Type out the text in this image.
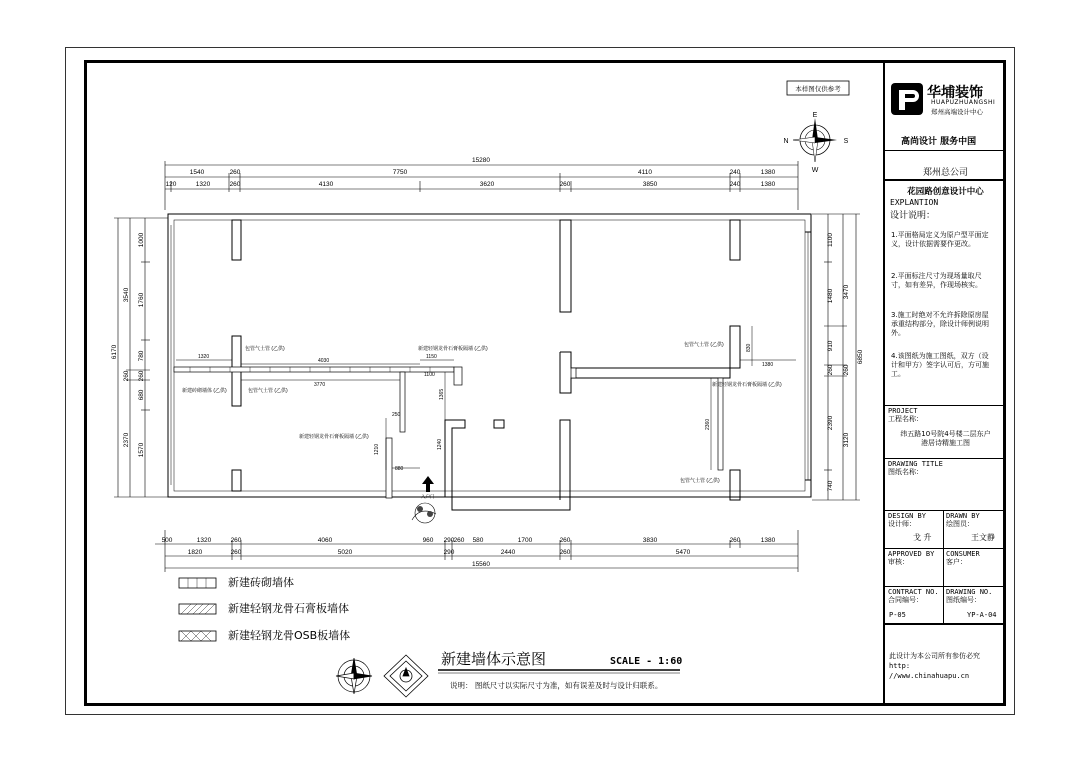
本样图仅供参考
N
E
S
W
15280
1540	260	7750	4110	240	1380
120	1320	260	4130	3620	260	3850	240	1380
6170
3540
260
2370
1000
1760
780
260
680
1570
6850
3470
260
3120
1100
1480
910
260
2390
740
1320
4030
3770
1150
1100
1380
880
250
1365
1240
1210
2360
830
包管气土管 (乙供)
包管气土管 (乙供)
包管气土管 (乙供)
包管气土管 (乙供)
新建轻钢龙骨石膏板隔墙 (乙供)
新建轻钢龙骨石膏板隔墙 (乙供)
新建轻钢龙骨石膏板隔墙 (乙供)
新建砖砌墙体 (乙供)
入户门
500	1320	260	4060	960 290 260 580	1700	260	3830	260	1380
1820	260	5020	290	2440	260	5470
15560
新建砖砌墙体
新建轻钢龙骨石膏板墙体
新建轻钢龙骨OSB板墙体
新建墙体示意图	SCALE - 1:60
说明： 图纸尺寸以实际尺寸为准，如有误差及时与设计归联系。
华埔装饰
HUAPUZHUANGSHI
郑州高端设计中心
高尚设计 服务中国
郑州总公司
花园路创意设计中心
EXPLANTION
设计说明：
1.平面格局定义为原户型平面定义，设计依据需要作更改。
2.平面标注尺寸为现场量取尺寸，如有差异，作现场核实。
3.施工时绝对不允许拆除原房屋承重结构部分，除设计师例说明外。
4.该图纸为施工图纸，双方（设计和甲方）签字认可后，方可施工。
PROJECT
工程名称：
纬五路10号院4号楼二层东户
港居诗精施工图
DRAWING TITLE
图纸名称：
DESIGN BY
设计师：
戈 升
DRAWN BY
绘图员：
王文静
APPROVED BY
审核：
CONSUMER
客户：
CONTRACT NO.
合同编号：
P-05
DRAWING NO.
图纸编号：
YP-A-04
此设计为本公司所有参仿必究
http:
//www.chinahuapu.cn
